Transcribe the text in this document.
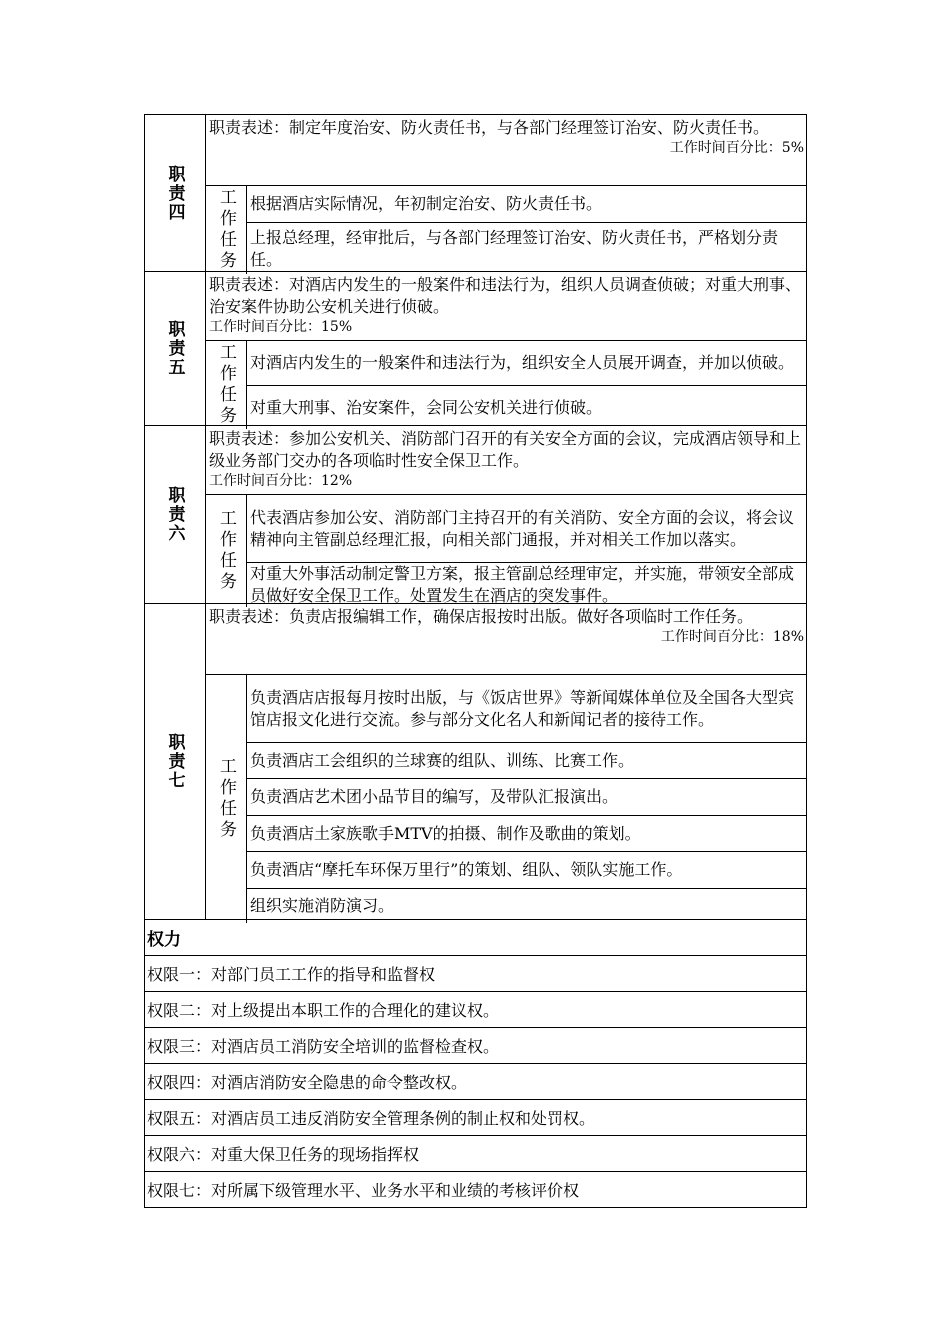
职责四
职责表述：制定年度治安、防火责任书，与各部门经理签订治安、防火责任书。
工作时间百分比：5%
工作任务 根据酒店实际情况，年初制定治安、防火责任书。
上报总经理，经审批后，与各部门经理签订治安、防火责任书，严格划分责任。
职责五
职责表述：对酒店内发生的一般案件和违法行为，组织人员调查侦破；对重大刑事、治安案件协助公安机关进行侦破。
工作时间百分比：15%
工作任务 对酒店内发生的一般案件和违法行为，组织安全人员展开调查，并加以侦破。
对重大刑事、治安案件，会同公安机关进行侦破。
职责六
职责表述：参加公安机关、消防部门召开的有关安全方面的会议，完成酒店领导和上级业务部门交办的各项临时性安全保卫工作。
工作时间百分比：12%
工作任务 代表酒店参加公安、消防部门主持召开的有关消防、安全方面的会议，将会议精神向主管副总经理汇报，向相关部门通报，并对相关工作加以落实。
对重大外事活动制定警卫方案，报主管副总经理审定，并实施，带领安全部成员做好安全保卫工作。处置发生在酒店的突发事件。
职责七
职责表述：负责店报编辑工作，确保店报按时出版。做好各项临时工作任务。
工作时间百分比：18%
工作任务
负责酒店店报每月按时出版，与《饭店世界》等新闻媒体单位及全国各大型宾馆店报文化进行交流。参与部分文化名人和新闻记者的接待工作。
负责酒店工会组织的兰球赛的组队、训练、比赛工作。
负责酒店艺术团小品节目的编写，及带队汇报演出。
负责酒店土家族歌手MTV的拍摄、制作及歌曲的策划。
负责酒店“摩托车环保万里行”的策划、组队、领队实施工作。
组织实施消防演习。
权力
权限一：对部门员工工作的指导和监督权
权限二：对上级提出本职工作的合理化的建议权。
权限三：对酒店员工消防安全培训的监督检查权。
权限四：对酒店消防安全隐患的命令整改权。
权限五：对酒店员工违反消防安全管理条例的制止权和处罚权。
权限六：对重大保卫任务的现场指挥权
权限七：对所属下级管理水平、业务水平和业绩的考核评价权
